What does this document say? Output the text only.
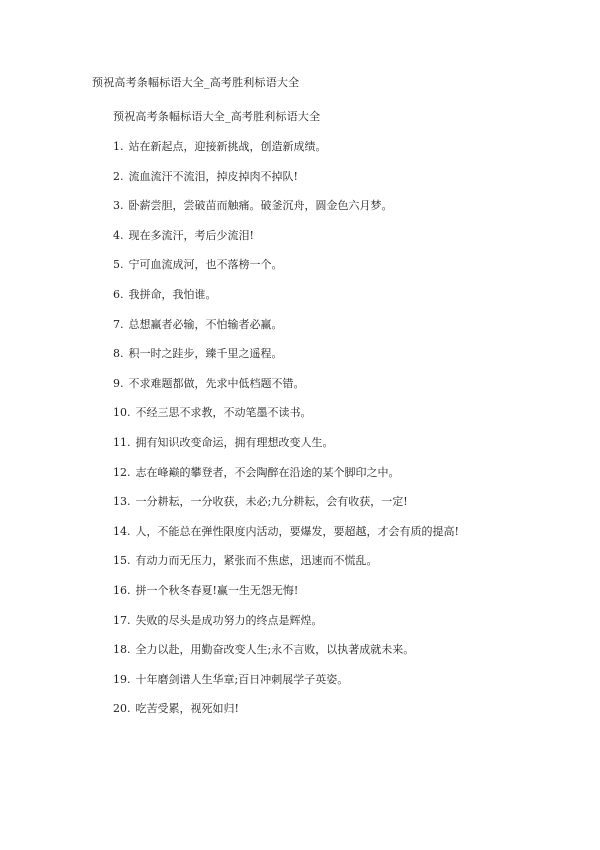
预祝高考条幅标语大全_高考胜利标语大全
预祝高考条幅标语大全_高考胜利标语大全
1. 站在新起点，迎接新挑战，创造新成绩。
2. 流血流汗不流泪，掉皮掉肉不掉队!
3. 卧薪尝胆，尝破苗而触痛。破釜沉舟，圆金色六月梦。
4. 现在多流汗，考后少流泪!
5. 宁可血流成河，也不落榜一个。
6. 我拼命，我怕谁。
7. 总想赢者必输，不怕输者必赢。
8. 积一时之跬步，臻千里之遥程。
9. 不求难题都做，先求中低档题不错。
10. 不经三思不求教，不动笔墨不读书。
11. 拥有知识改变命运，拥有理想改变人生。
12. 志在峰巅的攀登者，不会陶醉在沿途的某个脚印之中。
13. 一分耕耘，一分收获，未必;九分耕耘，会有收获，一定!
14. 人，不能总在弹性限度内活动，要爆发，要超越，才会有质的提高!
15. 有动力而无压力，紧张而不焦虑，迅速而不慌乱。
16. 拼一个秋冬春夏!赢一生无怨无悔!
17. 失败的尽头是成功努力的终点是辉煌。
18. 全力以赴，用勤奋改变人生;永不言败，以执著成就未来。
19. 十年磨剑谱人生华章;百日冲刺展学子英姿。
20. 吃苦受累，视死如归!
